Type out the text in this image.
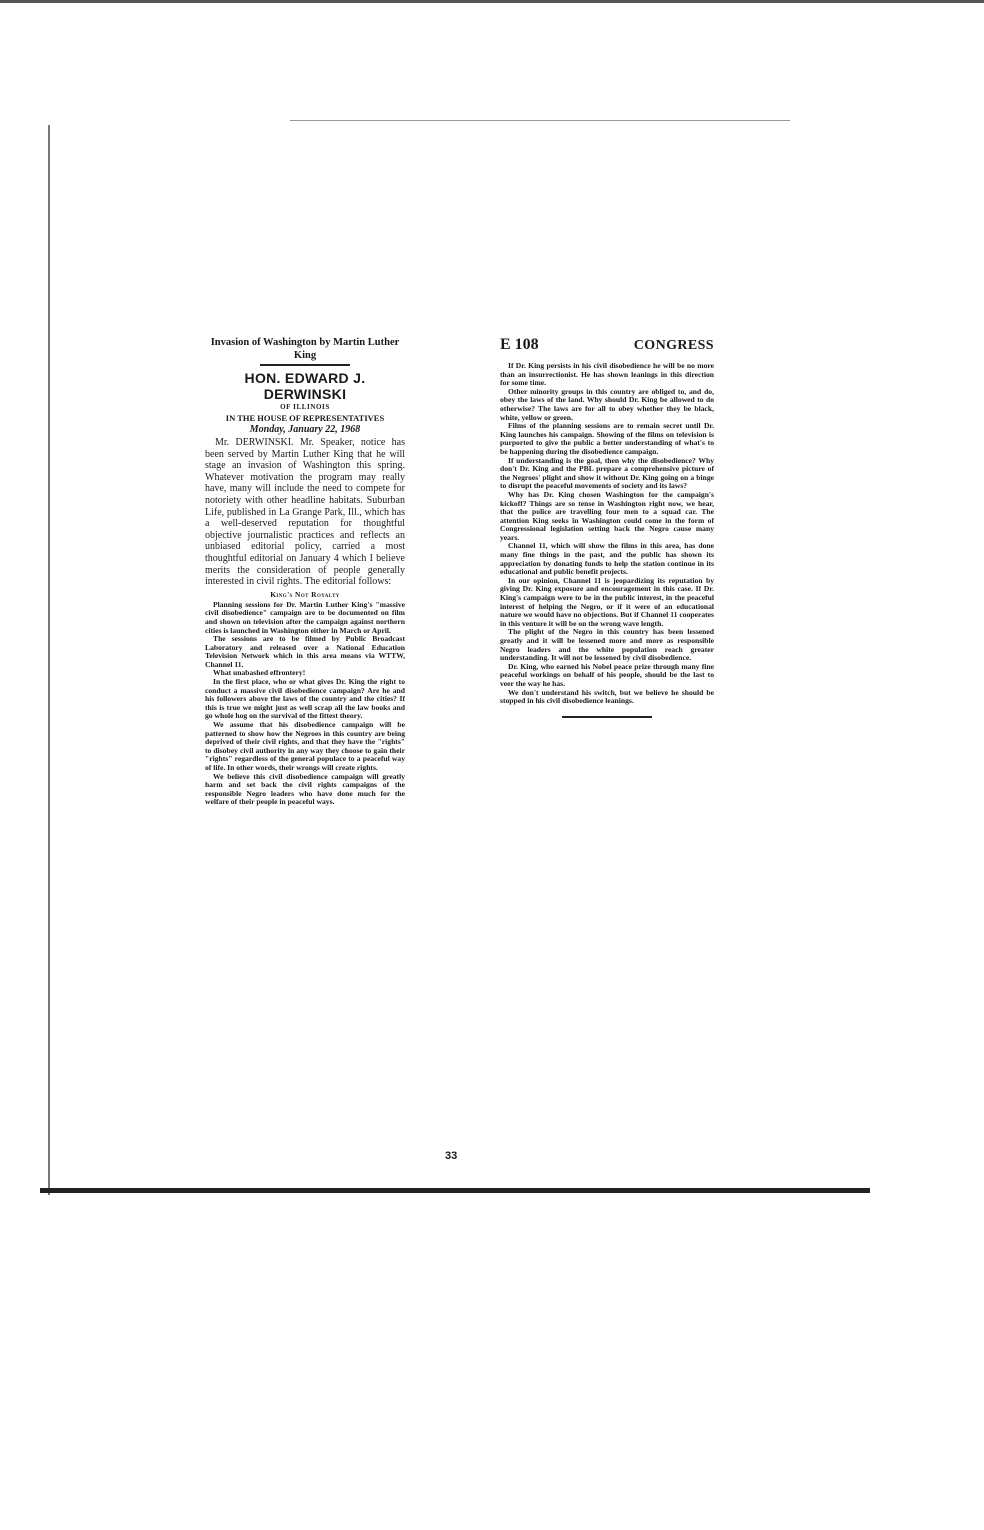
Invasion of Washington by Martin Luther King

HON. EDWARD J. DERWINSKI

OF ILLINOIS

IN THE HOUSE OF REPRESENTATIVES

Monday, January 22, 1968

Mr. DERWINSKI. Mr. Speaker, notice has been served by Martin Luther King that he will stage an invasion of Washington this spring. Whatever motivation the program may really have, many will include the need to compete for notoriety with other headline habitats. Suburban Life, published in La Grange Park, Ill., which has a well-deserved reputation for thoughtful objective journalistic practices and reflects an unbiased editorial policy, carried a most thoughtful editorial on January 4 which I believe merits the consideration of people generally interested in civil rights. The editorial follows:

King's Not Royalty

Planning sessions for Dr. Martin Luther King's "massive civil disobedience" campaign are to be documented on film and shown on television after the campaign against northern cities is launched in Washington either in March or April.

The sessions are to be filmed by Public Broadcast Laboratory and released over a National Education Television Network which in this area means via WTTW, Channel 11.

What unabashed effrontery!

In the first place, who or what gives Dr. King the right to conduct a massive civil disobedience campaign? Are he and his followers above the laws of the country and the cities? If this is true we might just as well scrap all the law books and go whole hog on the survival of the fittest theory.

We assume that his disobedience campaign will be patterned to show how the Negroes in this country are being deprived of their civil rights, and that they have the "rights" to disobey civil authority in any way they choose to gain their "rights" regardless of the general populace to a peaceful way of life. In other words, their wrongs will create rights.

We believe this civil disobedience campaign will greatly harm and set back the civil rights campaigns of the responsible Negro leaders who have done much for the welfare of their people in peaceful ways.

E 108	CONGRESS

If Dr. King persists in his civil disobedience he will be no more than an insurrectionist. He has shown leanings in this direction for some time.

Other minority groups in this country are obliged to, and do, obey the laws of the land. Why should Dr. King be allowed to do otherwise? The laws are for all to obey whether they be black, white, yellow or green.

Films of the planning sessions are to remain secret until Dr. King launches his campaign. Showing of the films on television is purported to give the public a better understanding of what's to be happening during the disobedience campaign.

If understanding is the goal, then why the disobedience? Why don't Dr. King and the PBL prepare a comprehensive picture of the Negroes' plight and show it without Dr. King going on a binge to disrupt the peaceful movements of society and its laws?

Why has Dr. King chosen Washington for the campaign's kickoff? Things are so tense in Washington right now, we hear, that the police are travelling four men to a squad car. The attention King seeks in Washington could come in the form of Congressional legislation setting back the Negro cause many years.

Channel 11, which will show the films in this area, has done many fine things in the past, and the public has shown its appreciation by donating funds to help the station continue in its educational and public benefit projects.

In our opinion, Channel 11 is jeopardizing its reputation by giving Dr. King exposure and encouragement in this case. If Dr. King's campaign were to be in the public interest, in the peaceful interest of helping the Negro, or if it were of an educational nature we would have no objections. But if Channel 11 cooperates in this venture it will be on the wrong wave length.

The plight of the Negro in this country has been lessened greatly and it will be lessened more and more as responsible Negro leaders and the white population reach greater understanding. It will not be lessened by civil disobedience.

Dr. King, who earned his Nobel peace prize through many fine peaceful workings on behalf of his people, should be the last to veer the way he has.

We don't understand his switch, but we believe he should be stopped in his civil disobedience leanings.

33
